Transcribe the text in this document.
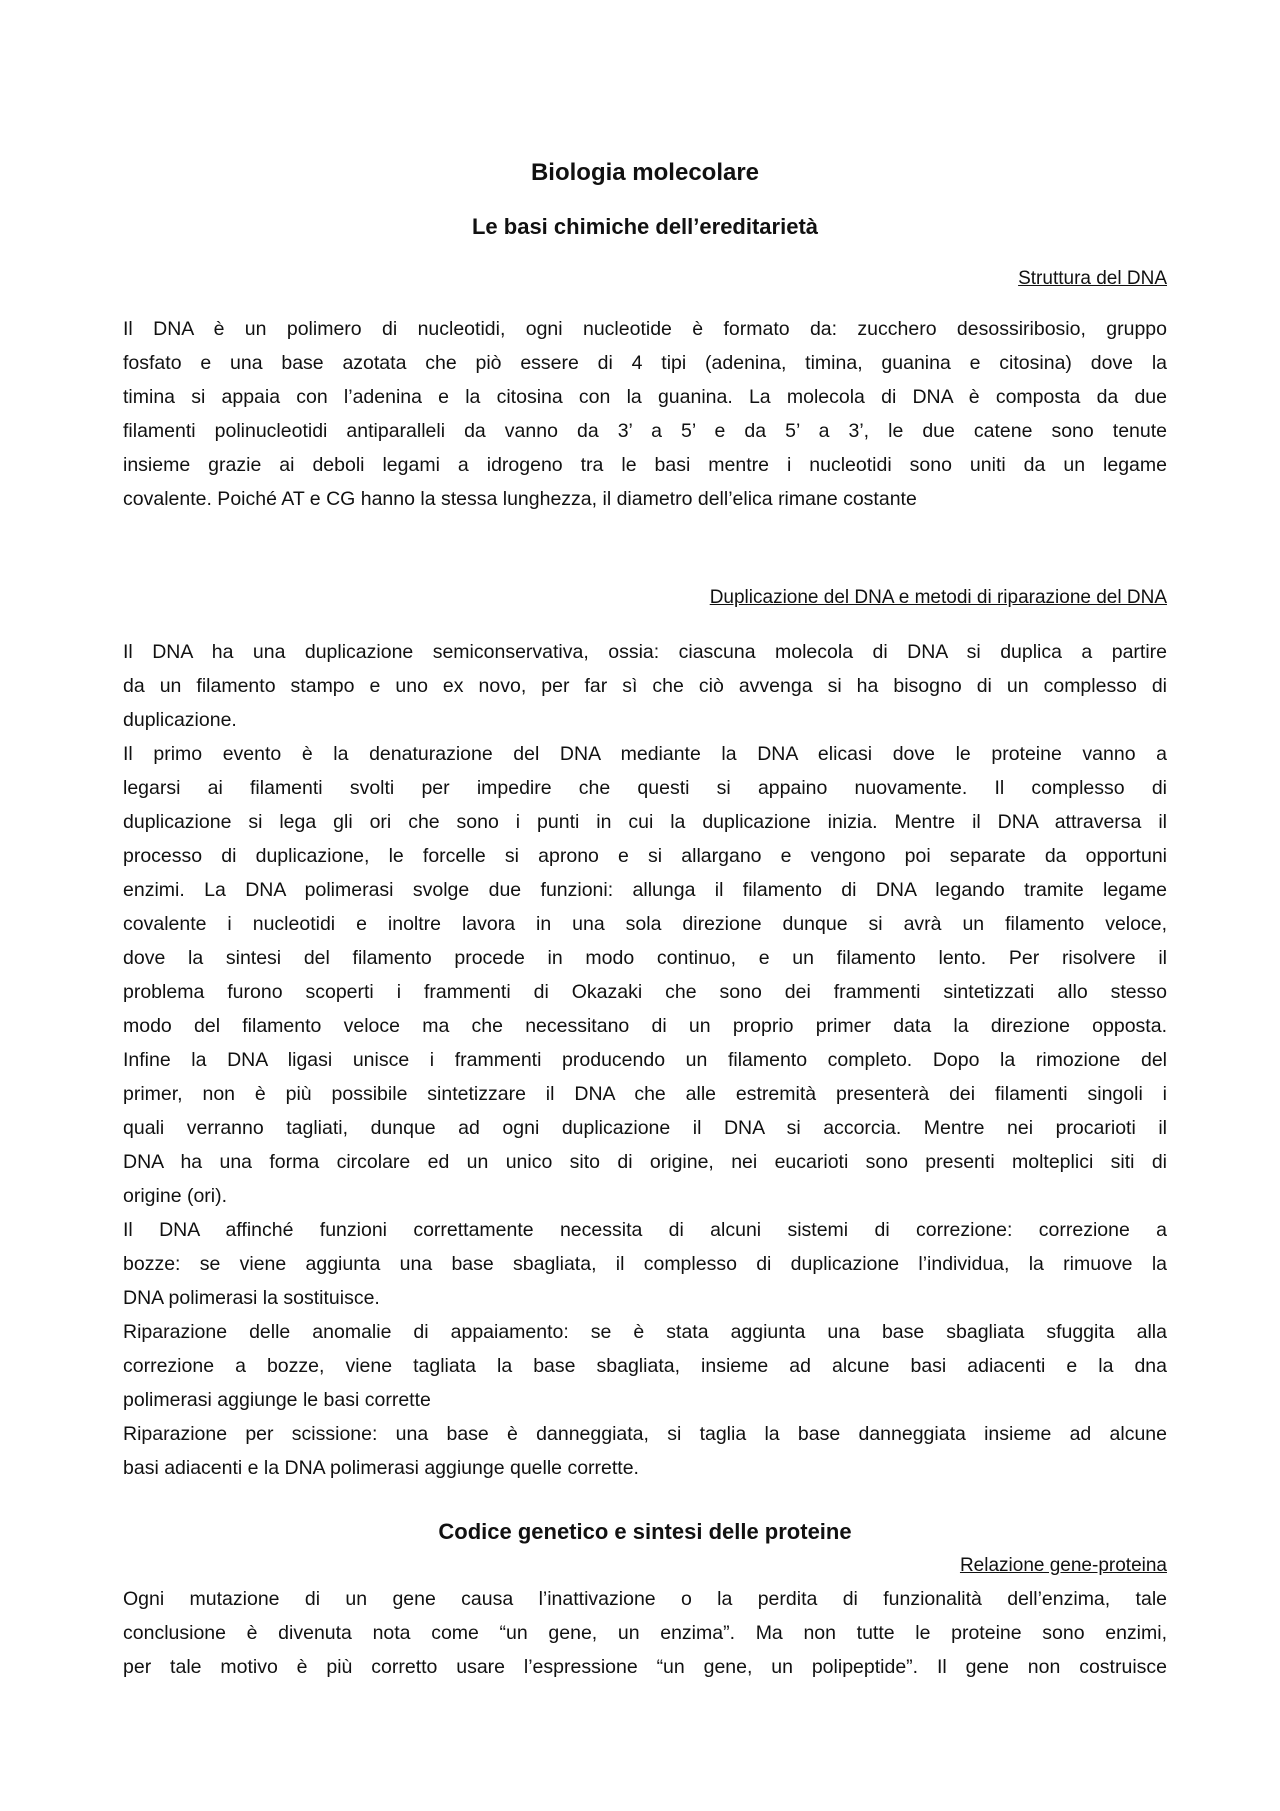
Biologia molecolare
Le basi chimiche dell’ereditarietà
Struttura del DNA
Il DNA è un polimero di nucleotidi, ogni nucleotide è formato da: zucchero desossiribosio, gruppo
fosfato e una base azotata che piò essere di 4 tipi (adenina, timina, guanina e citosina) dove la
timina si appaia con l’adenina e la citosina con la guanina. La molecola di DNA è composta da due
filamenti polinucleotidi antiparalleli da vanno da 3’ a 5’ e da 5’ a 3’, le due catene sono tenute
insieme grazie ai deboli legami a idrogeno tra le basi mentre i nucleotidi sono uniti da un legame
covalente. Poiché AT e CG hanno la stessa lunghezza, il diametro dell’elica rimane costante
Duplicazione del DNA e metodi di riparazione del DNA
Il DNA ha una duplicazione semiconservativa, ossia: ciascuna molecola di DNA si duplica a partire
da un filamento stampo e uno ex novo, per far sì che ciò avvenga si ha bisogno di un complesso di
duplicazione.
Il primo evento è la denaturazione del DNA mediante la DNA elicasi dove le proteine vanno a
legarsi ai filamenti svolti per impedire che questi si appaino nuovamente. Il complesso di
duplicazione si lega gli ori che sono i punti in cui la duplicazione inizia. Mentre il DNA attraversa il
processo di duplicazione, le forcelle si aprono e si allargano e vengono poi separate da opportuni
enzimi. La DNA polimerasi svolge due funzioni: allunga il filamento di DNA legando tramite legame
covalente i nucleotidi e inoltre lavora in una sola direzione dunque si avrà un filamento veloce,
dove la sintesi del filamento procede in modo continuo, e un filamento lento. Per risolvere il
problema furono scoperti i frammenti di Okazaki che sono dei frammenti sintetizzati allo stesso
modo del filamento veloce ma che necessitano di un proprio primer data la direzione opposta.
Infine la DNA ligasi unisce i frammenti producendo un filamento completo. Dopo la rimozione del
primer, non è più possibile sintetizzare il DNA che alle estremità presenterà dei filamenti singoli i
quali verranno tagliati, dunque ad ogni duplicazione il DNA si accorcia. Mentre nei procarioti il
DNA ha una forma circolare ed un unico sito di origine, nei eucarioti sono presenti molteplici siti di
origine (ori).
Il DNA affinché funzioni correttamente necessita di alcuni sistemi di correzione: correzione a
bozze: se viene aggiunta una base sbagliata, il complesso di duplicazione l’individua, la rimuove la
DNA polimerasi la sostituisce.
Riparazione delle anomalie di appaiamento: se è stata aggiunta una base sbagliata sfuggita alla
correzione a bozze, viene tagliata la base sbagliata, insieme ad alcune basi adiacenti e la dna
polimerasi aggiunge le basi corrette
Riparazione per scissione: una base è danneggiata, si taglia la base danneggiata insieme ad alcune
basi adiacenti e la DNA polimerasi aggiunge quelle corrette.
Codice genetico e sintesi delle proteine
Relazione gene-proteina
Ogni mutazione di un gene causa l’inattivazione o la perdita di funzionalità dell’enzima, tale
conclusione è divenuta nota come “un gene, un enzima”. Ma non tutte le proteine sono enzimi,
per tale motivo è più corretto usare l’espressione “un gene, un polipeptide”. Il gene non costruisce
